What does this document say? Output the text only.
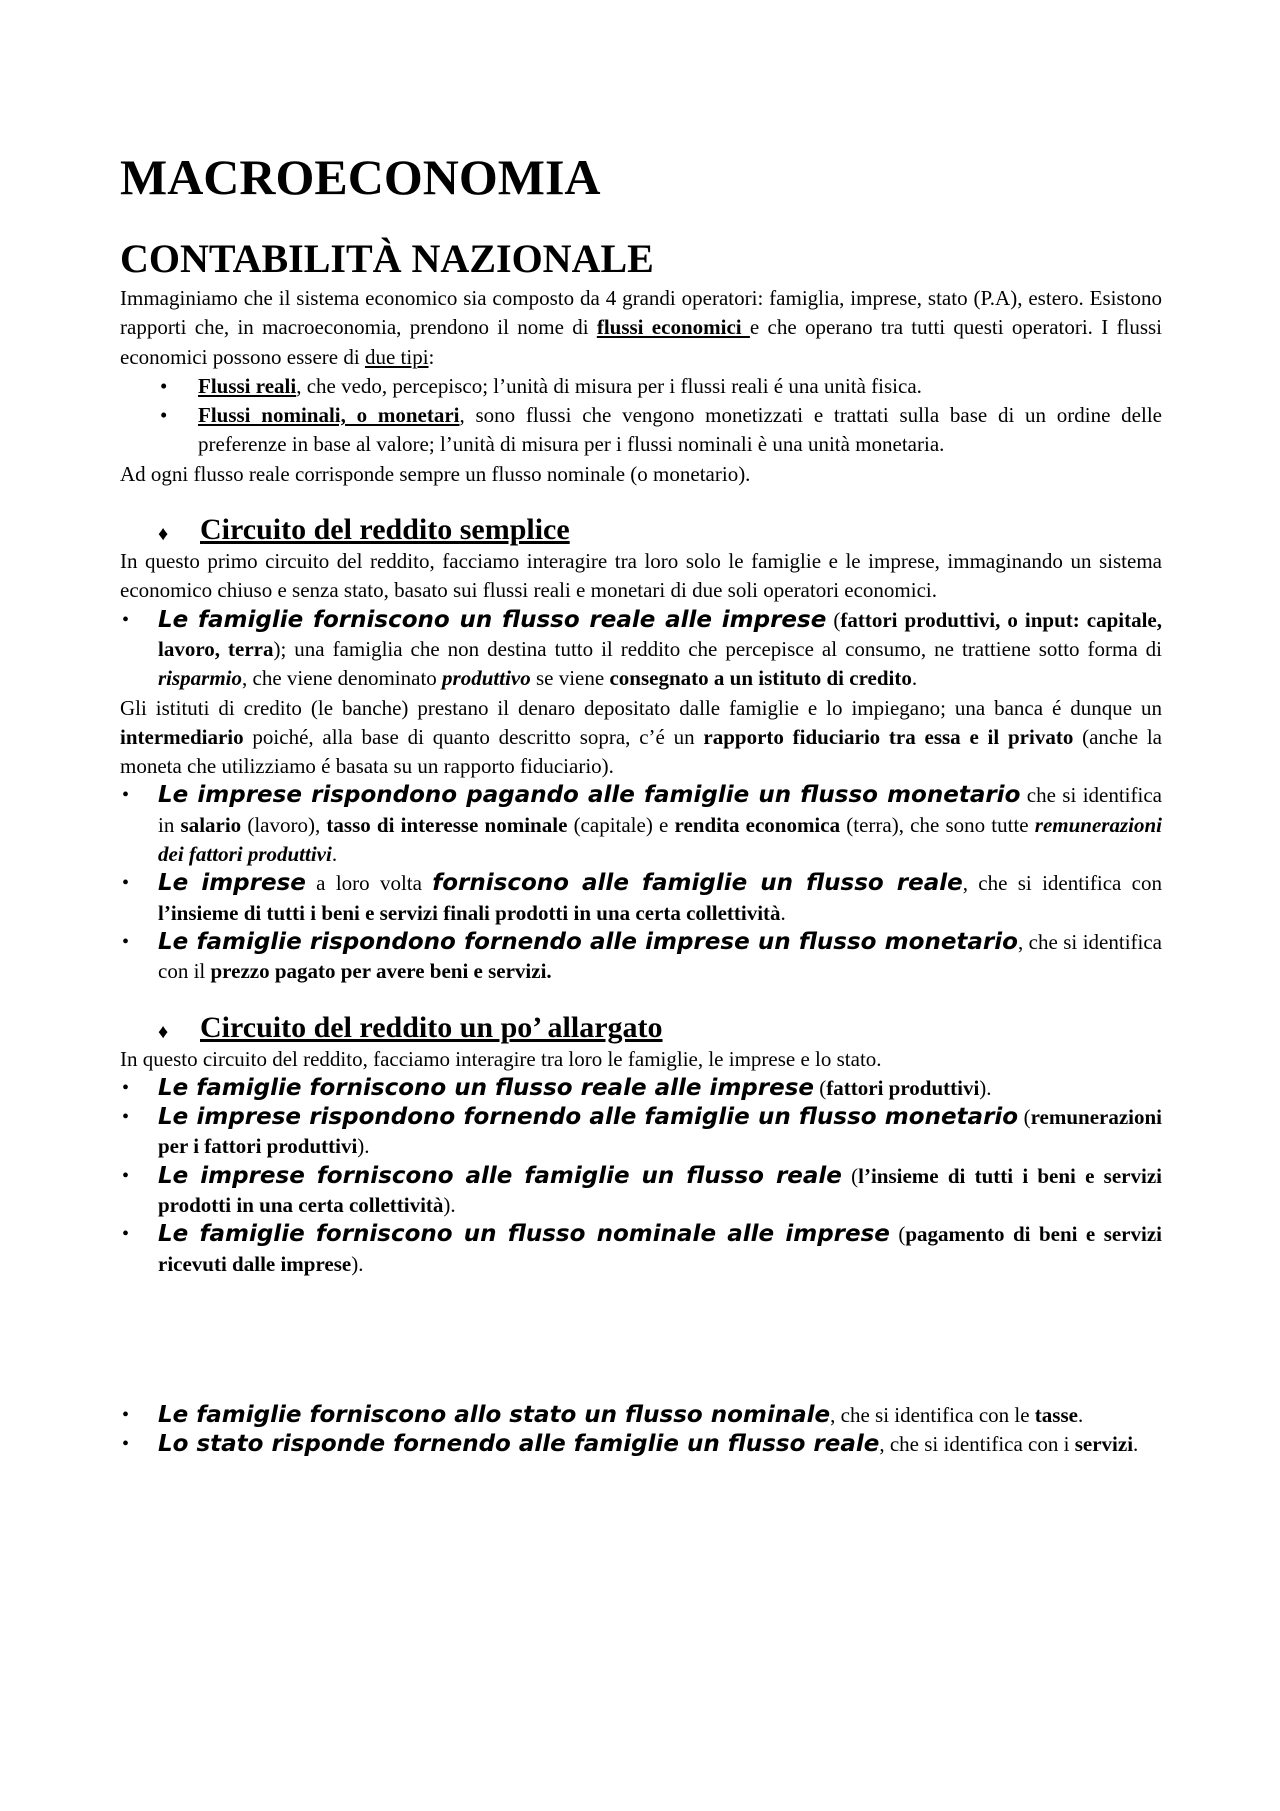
MACROECONOMIA
CONTABILITÀ NAZIONALE

Immaginiamo che il sistema economico sia composto da 4 grandi operatori: famiglia, imprese, stato (P.A), estero. Esistono rapporti che, in macroeconomia, prendono il nome di flussi economici e che operano tra tutti questi operatori. I flussi economici possono essere di due tipi:

• Flussi reali, che vedo, percepisco; l’unità di misura per i flussi reali é una unità fisica.
• Flussi nominali, o monetari, sono flussi che vengono monetizzati e trattati sulla base di un ordine delle preferenze in base al valore; l’unità di misura per i flussi nominali è una unità monetaria.

Ad ogni flusso reale corrisponde sempre un flusso nominale (o monetario).

♦ Circuito del reddito semplice

In questo primo circuito del reddito, facciamo interagire tra loro solo le famiglie e le imprese, immaginando un sistema economico chiuso e senza stato, basato sui flussi reali e monetari di due soli operatori economici.

• Le famiglie forniscono un flusso reale alle imprese (fattori produttivi, o input: capitale, lavoro, terra); una famiglia che non destina tutto il reddito che percepisce al consumo, ne trattiene sotto forma di risparmio, che viene denominato produttivo se viene consegnato a un istituto di credito.

Gli istituti di credito (le banche) prestano il denaro depositato dalle famiglie e lo impiegano; una banca é dunque un intermediario poiché, alla base di quanto descritto sopra, c’é un rapporto fiduciario tra essa e il privato (anche la moneta che utilizziamo é basata su un rapporto fiduciario).

• Le imprese rispondono pagando alle famiglie un flusso monetario che si identifica in salario (lavoro), tasso di interesse nominale (capitale) e rendita economica (terra), che sono tutte remunerazioni dei fattori produttivi.
• Le imprese a loro volta forniscono alle famiglie un flusso reale, che si identifica con l’insieme di tutti i beni e servizi finali prodotti in una certa collettività.
• Le famiglie rispondono fornendo alle imprese un flusso monetario, che si identifica con il prezzo pagato per avere beni e servizi.
♦ Circuito del reddito un po’ allargato

In questo circuito del reddito, facciamo interagire tra loro le famiglie, le imprese e lo stato.

• Le famiglie forniscono un flusso reale alle imprese (fattori produttivi).
• Le imprese rispondono fornendo alle famiglie un flusso monetario (remunerazioni per i fattori produttivi).
• Le imprese forniscono alle famiglie un flusso reale (l’insieme di tutti i beni e servizi prodotti in una certa collettività).
• Le famiglie forniscono un flusso nominale alle imprese (pagamento di beni e servizi ricevuti dalle imprese).
• Le famiglie forniscono allo stato un flusso nominale, che si identifica con le tasse.
• Lo stato risponde fornendo alle famiglie un flusso reale, che si identifica con i servizi.
